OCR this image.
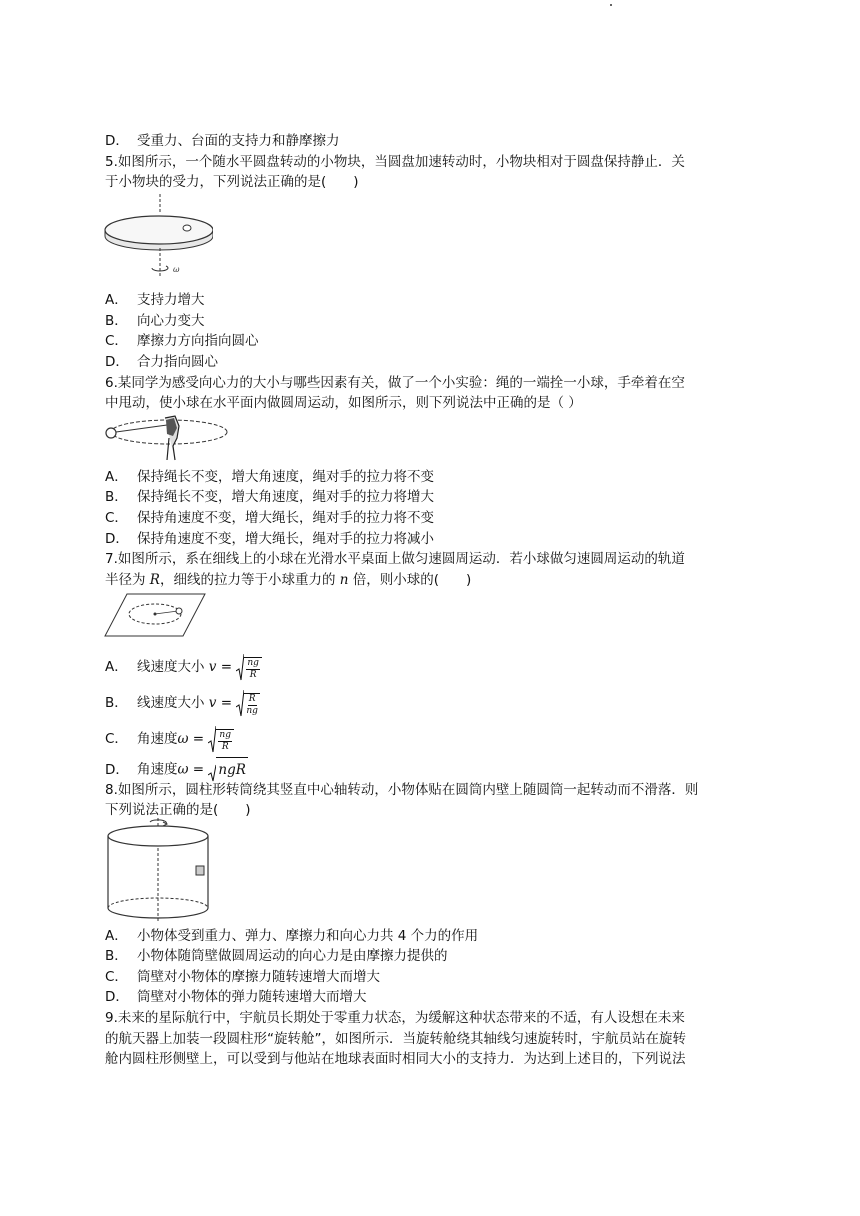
D． 受重力、台面的支持力和静摩擦力
5.如图所示，一个随水平圆盘转动的小物块，当圆盘加速转动时，小物块相对于圆盘保持静止．关
于小物块的受力，下列说法正确的是(　　)
ω
A． 支持力增大
B． 向心力变大
C． 摩擦力方向指向圆心
D． 合力指向圆心
6.某同学为感受向心力的大小与哪些因素有关，做了一个小实验：绳的一端拴一小球，手牵着在空
中甩动，使小球在水平面内做圆周运动，如图所示，则下列说法中正确的是（ ）
A． 保持绳长不变，增大角速度，绳对手的拉力将不变
B． 保持绳长不变，增大角速度，绳对手的拉力将增大
C． 保持角速度不变，增大绳长，绳对手的拉力将不变
D． 保持角速度不变，增大绳长，绳对手的拉力将减小
7.如图所示，系在细线上的小球在光滑水平桌面上做匀速圆周运动．若小球做匀速圆周运动的轨道
半径为 R，细线的拉力等于小球重力的 n 倍，则小球的(　　)
A． 线速度大小 $v = \frac{ng}{R}$
B． 线速度大小 $v = \frac{R}{ng}$
C． 角速度$\omega = \frac{ng}{R}$
D． 角速度ω = ngR
8.如图所示，圆柱形转筒绕其竖直中心轴转动，小物体贴在圆筒内壁上随圆筒一起转动而不滑落．则
下列说法正确的是(　　)
A． 小物体受到重力、弹力、摩擦力和向心力共 4 个力的作用
B． 小物体随筒壁做圆周运动的向心力是由摩擦力提供的
C． 筒壁对小物体的摩擦力随转速增大而增大
D． 筒壁对小物体的弹力随转速增大而增大
9.未来的星际航行中，宇航员长期处于零重力状态，为缓解这种状态带来的不适，有人设想在未来
的航天器上加装一段圆柱形“旋转舱”，如图所示．当旋转舱绕其轴线匀速旋转时，宇航员站在旋转
舱内圆柱形侧壁上，可以受到与他站在地球表面时相同大小的支持力．为达到上述目的，下列说法
